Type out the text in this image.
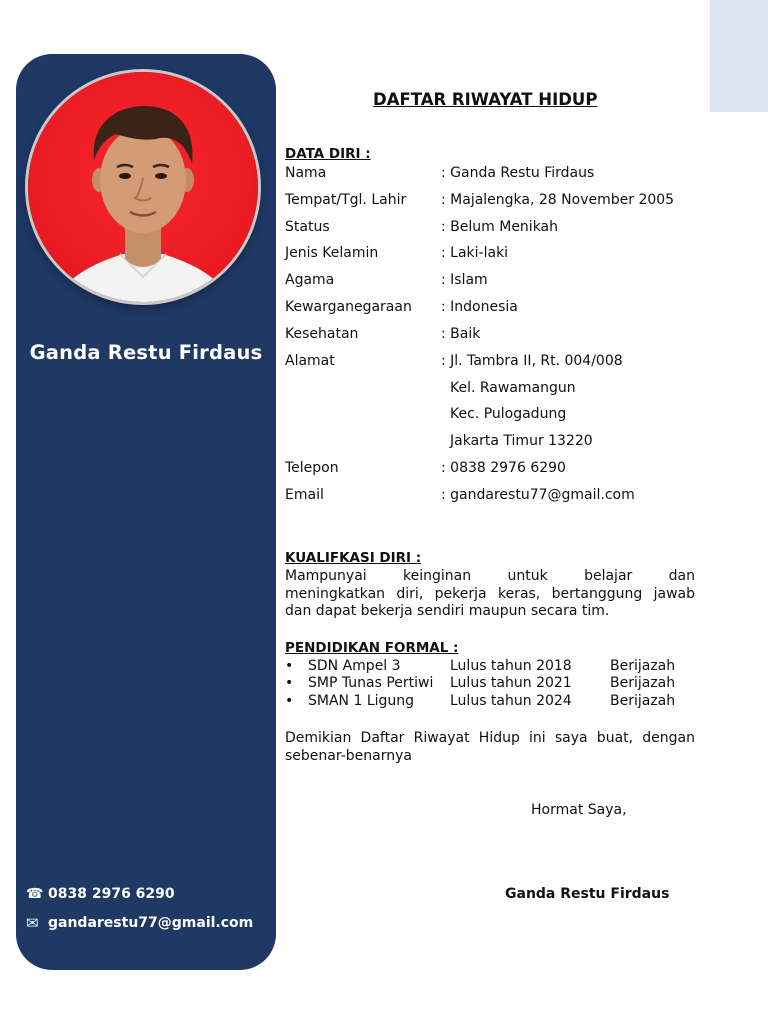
Ganda Restu Firdaus
☎ 0838 2976 6290
✉ gandarestu77@gmail.com
DAFTAR RIWAYAT HIDUP
DATA DIRI :
Nama	: Ganda Restu Firdaus
Tempat/Tgl. Lahir : Majalengka, 28 November 2005
Status	: Belum Menikah
Jenis Kelamin	: Laki-laki
Agama	: Islam
Kewarganegaraan : Indonesia
Kesehatan	: Baik
Alamat	: Jl. Tambra II, Rt. 004/008
Kel. Rawamangun
Kec. Pulogadung
Jakarta Timur 13220
Telepon	: 0838 2976 6290
Email	: gandarestu77@gmail.com
KUALIFKASI DIRI :
Mampunyai keinginan untuk belajar dan
meningkatkan diri, pekerja keras, bertanggung jawab
dan dapat bekerja sendiri maupun secara tim.
PENDIDIKAN FORMAL :
• SDN Ampel 3	Lulus tahun 2018	Berijazah
• SMP Tunas Pertiwi Lulus tahun 2021	Berijazah
• SMAN 1 Ligung	Lulus tahun 2024	Berijazah
Demikian Daftar Riwayat Hidup ini saya buat, dengan
sebenar-benarnya
Hormat Saya,
Ganda Restu Firdaus
